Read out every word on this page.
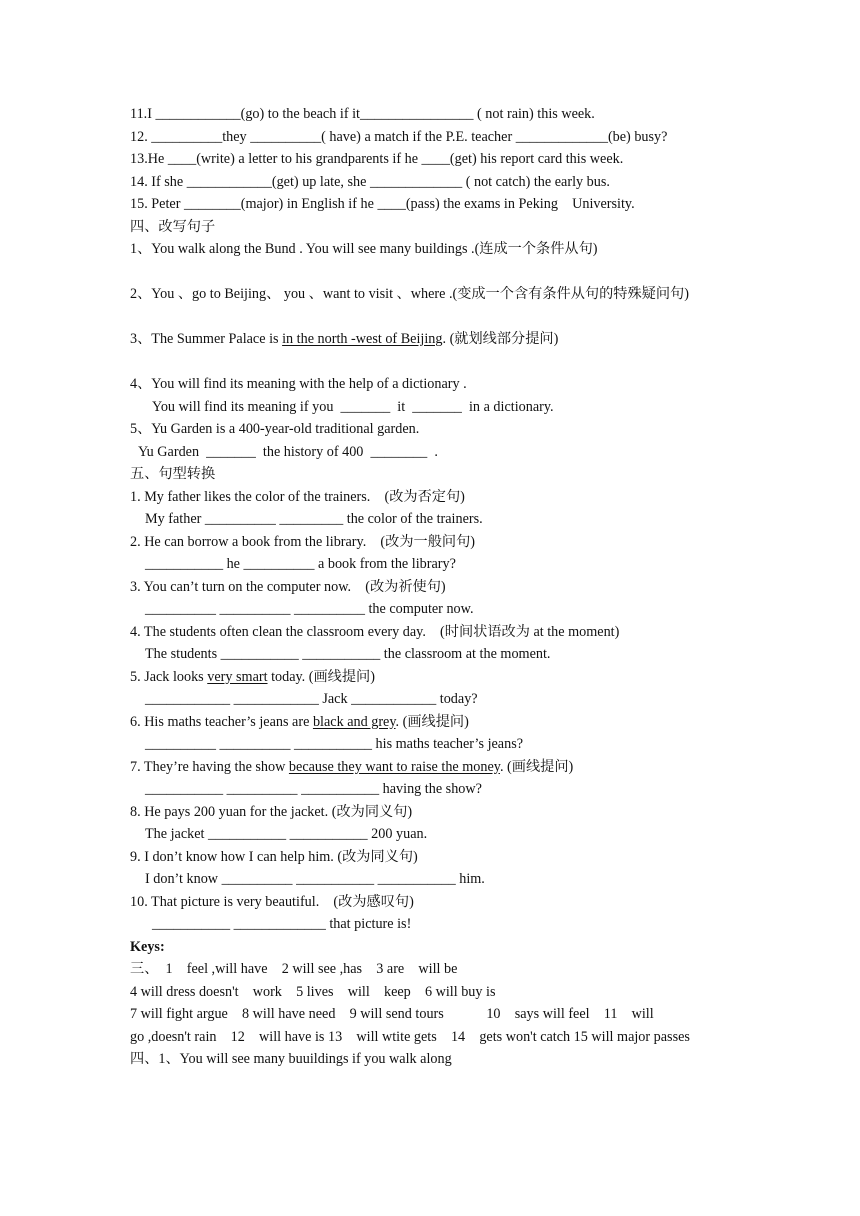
11.I ____________(go) to the beach if it________________ ( not rain) this week.
12. __________they __________( have) a match if the P.E. teacher _____________(be) busy?
13.He ____(write) a letter to his grandparents if he ____(get) his report card this week.
14. If she ____________(get) up late, she _____________ ( not catch) the early bus.
15. Peter ________(major) in English if he ____(pass) the exams in Peking    University.
四、改写句子
1、You walk along the Bund . You will see many buildings .(连成一个条件从句)
2、You 、go to Beijing、 you 、want to visit 、where .(变成一个含有条件从句的特殊疑问句)
3、The Summer Palace is in the north -west of Beijing. (就划线部分提问)
4、You will find its meaning with the help of a dictionary .
You will find its meaning if you  _______  it  _______  in a dictionary.
5、Yu Garden is a 400-year-old traditional garden.
Yu Garden  _______  the history of 400  ________  .
五、句型转换
1. My father likes the color of the trainers.    (改为否定句)
My father __________ _________ the color of the trainers.
2. He can borrow a book from the library.    (改为一般问句)
___________ he __________ a book from the library?
3. You can’t turn on the computer now.    (改为祈使句)
__________ __________ __________ the computer now.
4. The students often clean the classroom every day.    (时间状语改为 at the moment)
The students ___________ ___________ the classroom at the moment.
5. Jack looks very smart today. (画线提问)
____________ ____________ Jack ____________ today?
6. His maths teacher’s jeans are black and grey. (画线提问)
__________ __________ ___________ his maths teacher’s jeans?
7. They’re having the show because they want to raise the money. (画线提问)
___________ __________ ___________ having the show?
8. He pays 200 yuan for the jacket. (改为同义句)
The jacket ___________ ___________ 200 yuan.
9. I don’t know how I can help him. (改为同义句)
I don’t know __________ ___________ ___________ him.
10. That picture is very beautiful.    (改为感叹句)
___________ _____________ that picture is!
Keys:
三、  1    feel ,will have    2 will see ,has    3 are    will be
4 will dress doesn't    work    5 lives    will    keep    6 will buy is
7 will fight argue    8 will have need    9 will send tours            10    says will feel    11    will
go ,doesn't rain    12    will have is 13    will wtite gets    14    gets won't catch 15 will major passes
四、1、You will see many buuildings if you walk along
